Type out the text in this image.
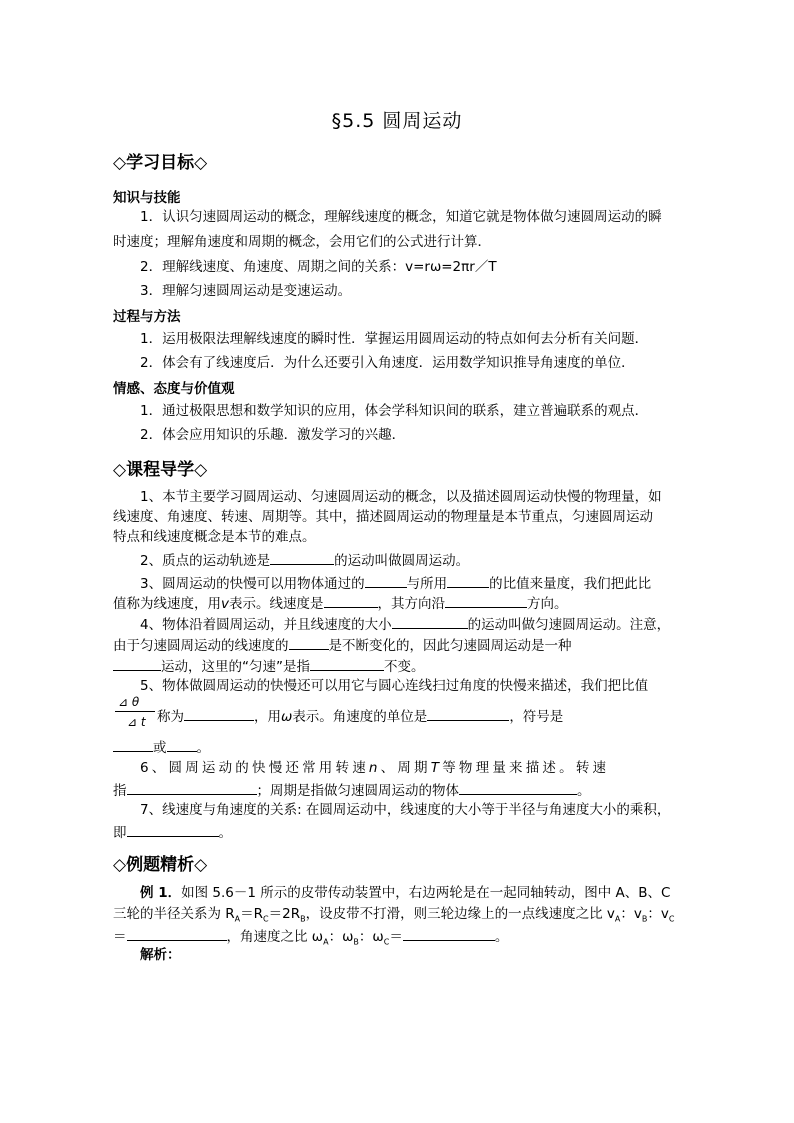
§5.5 圆周运动
◇学习目标◇
知识与技能
1．认识匀速圆周运动的概念，理解线速度的概念，知道它就是物体做匀速圆周运动的瞬
时速度；理解角速度和周期的概念，会用它们的公式进行计算．
2．理解线速度、角速度、周期之间的关系：v=rω=2πr／T
3．理解匀速圆周运动是变速运动。
过程与方法
1．运用极限法理解线速度的瞬时性．掌握运用圆周运动的特点如何去分析有关问题．
2．体会有了线速度后．为什么还要引入角速度．运用数学知识推导角速度的单位．
情感、态度与价值观
1．通过极限思想和数学知识的应用，体会学科知识间的联系，建立普遍联系的观点．
2．体会应用知识的乐趣．激发学习的兴趣．
◇课程导学◇
1、本节主要学习圆周运动、匀速圆周运动的概念，以及描述圆周运动快慢的物理量，如
线速度、角速度、转速、周期等。其中，描述圆周运动的物理量是本节重点，匀速圆周运动
特点和线速度概念是本节的难点。
2、质点的运动轨迹是	的运动叫做圆周运动。
3、圆周运动的快慢可以用物体通过的	与所用	的比值来量度，我们把此比
值称为线速度，用v表示。线速度是	，其方向沿	方向。
4、物体沿着圆周运动，并且线速度的大小	的运动叫做匀速圆周运动。注意，
由于匀速圆周运动的线速度的	是不断变化的，因此匀速圆周运动是一种
运动，这里的“匀速”是指	不变。
5、物体做圆周运动的快慢还可以用它与圆心连线扫过角度的快慢来描述，我们把比值
⊿ θ
⊿ t 称为	，用ω表示。角速度的单位是	，符号是
或 。
6、圆周运动的快慢还常用转速n、周期T等物理量来描述。转速
指	；周期是指做匀速圆周运动的物体	。
7、线速度与角速度的关系: 在圆周运动中，线速度的大小等于半径与角速度大小的乘积，
即	。
◇例题精析◇
例 1．如图 5.6－1 所示的皮带传动装置中，右边两轮是在一起同轴转动，图中 A、B、C
三轮的半径关系为 $R_A=R_C=2R_B$，设皮带不打滑，则三轮边缘上的一点线速度之比 $v_A$：$v_B$：$v_C$
＝	，角速度之比 $\omega_A$：$\omega_B$：$\omega_C=$	。
解析：
